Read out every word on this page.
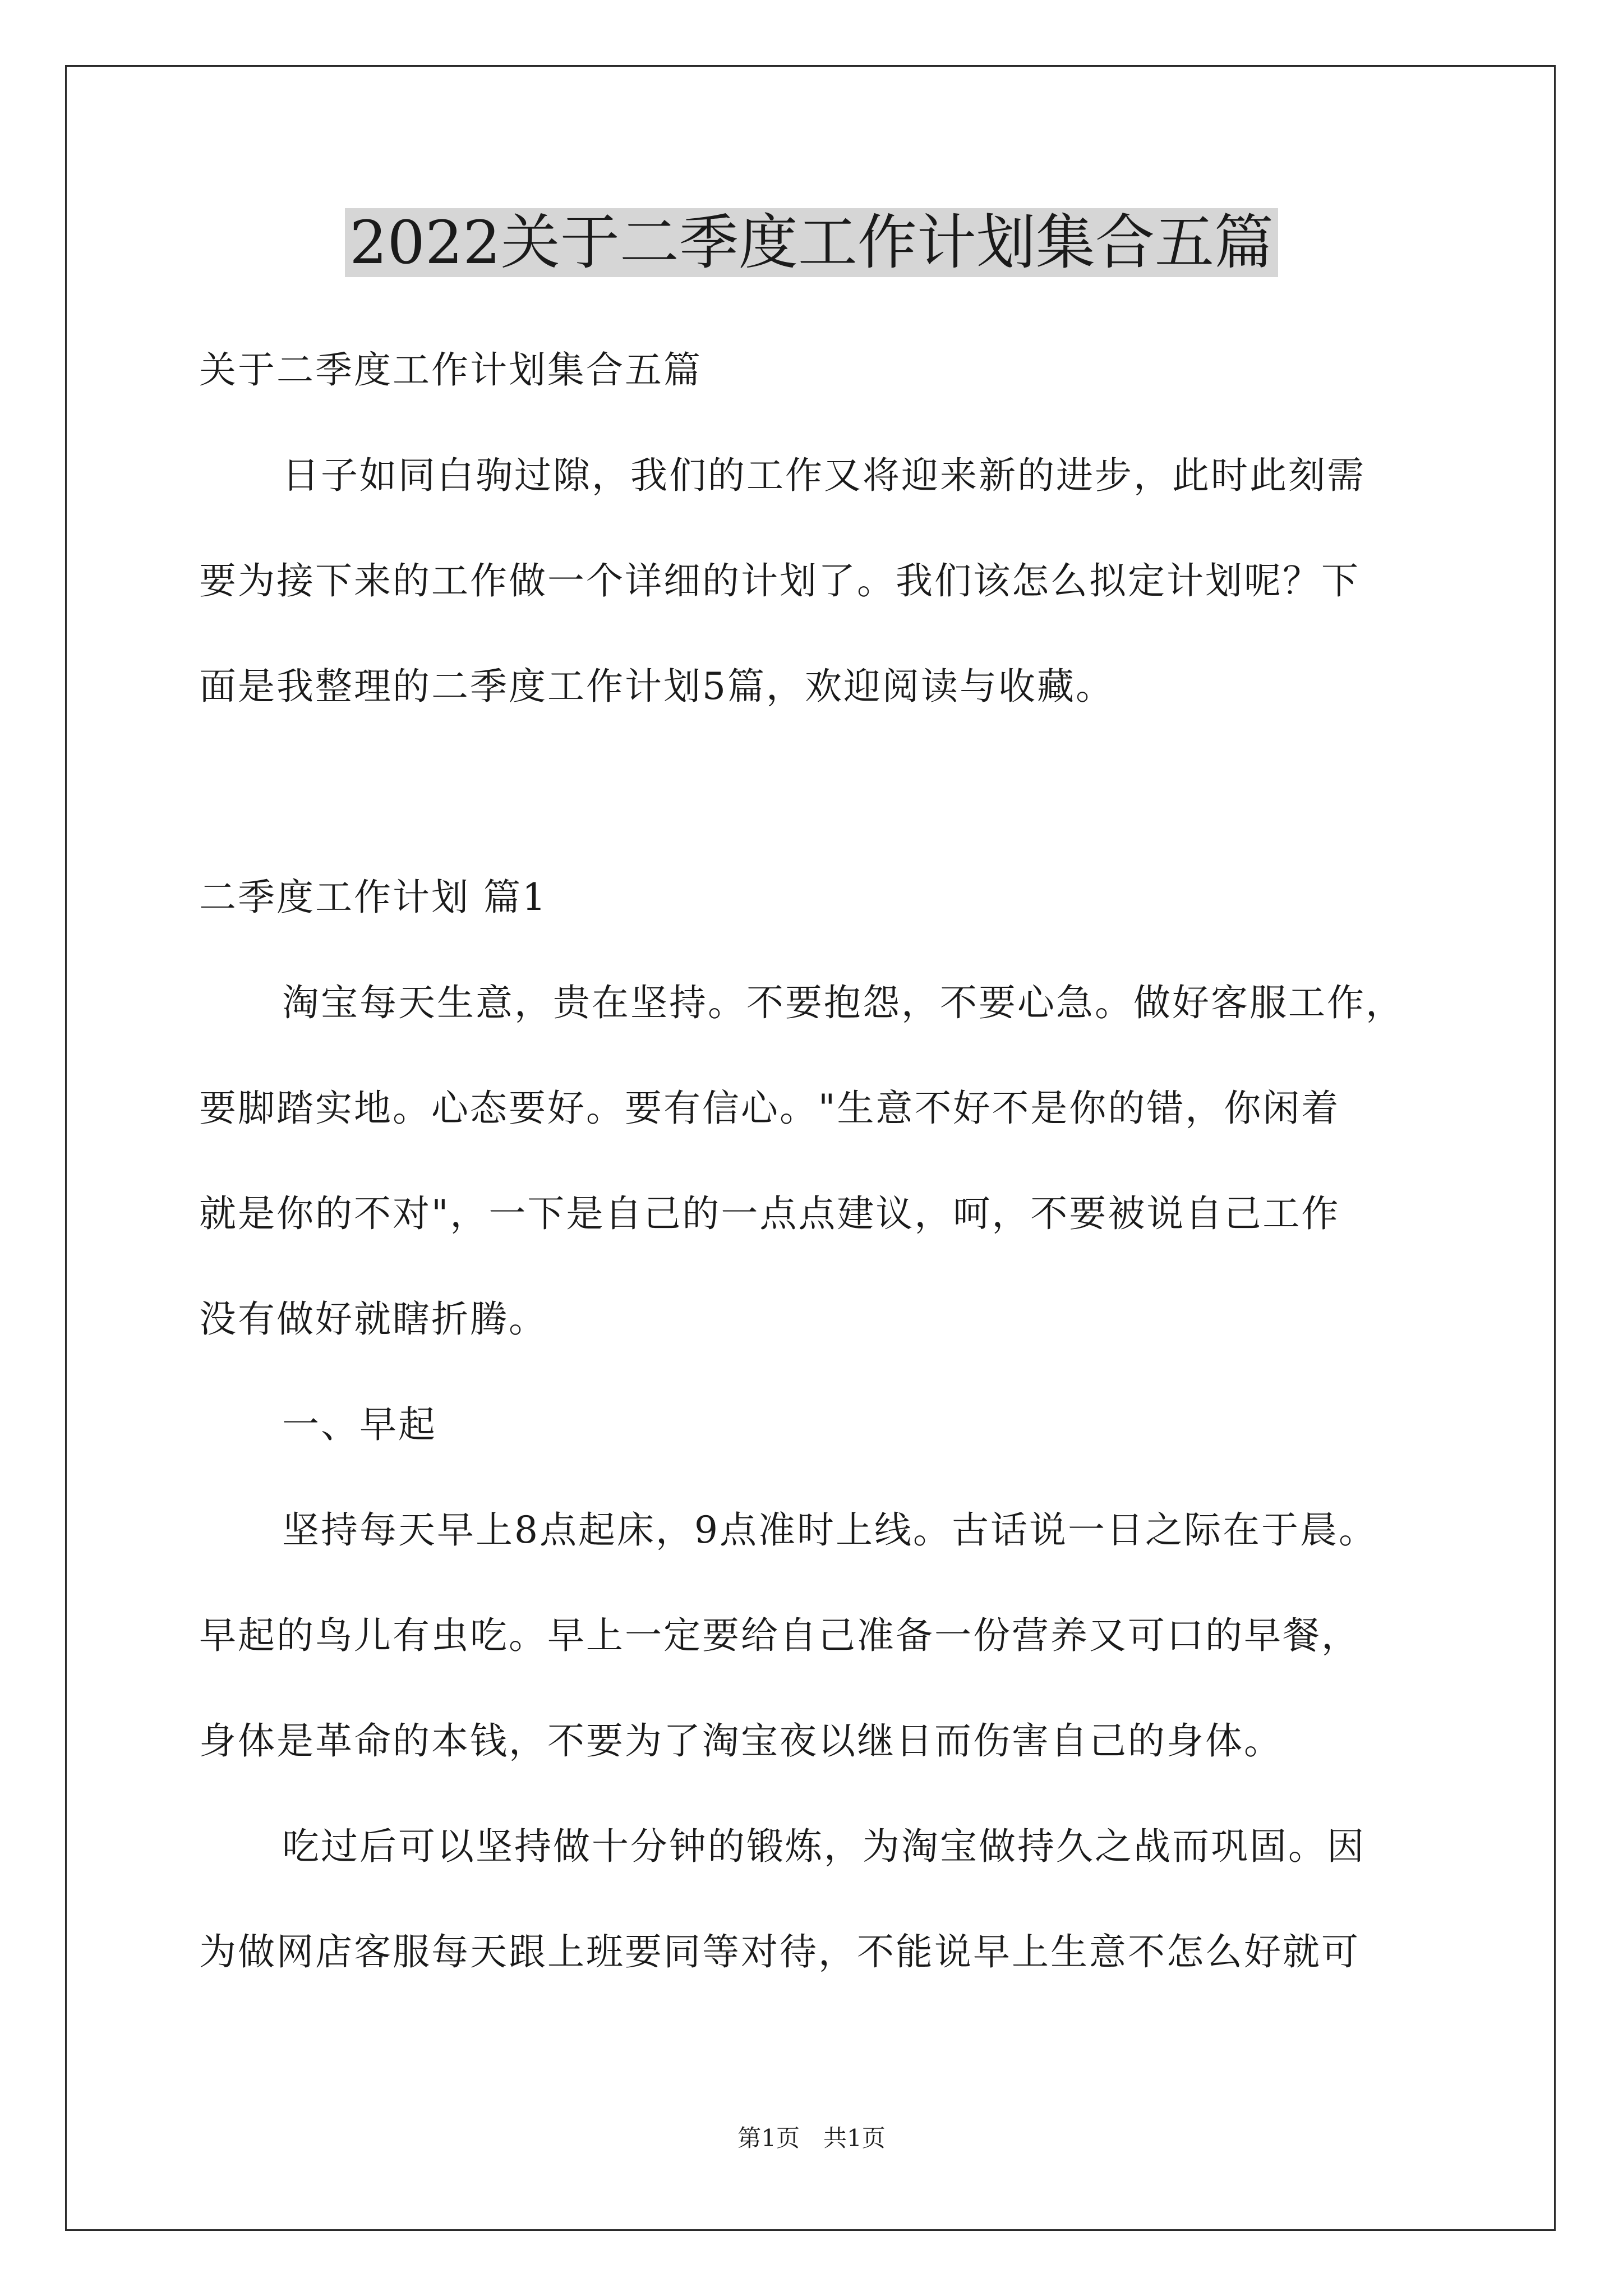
2022关于二季度工作计划集合五篇
关于二季度工作计划集合五篇
日子如同白驹过隙，我们的工作又将迎来新的进步，此时此刻需
要为接下来的工作做一个详细的计划了。我们该怎么拟定计划呢？下
面是我整理的二季度工作计划5篇，欢迎阅读与收藏。
二季度工作计划 篇1
淘宝每天生意，贵在坚持。不要抱怨，不要心急。做好客服工作，
要脚踏实地。心态要好。要有信心。"生意不好不是你的错，你闲着
就是你的不对"，一下是自己的一点点建议，呵，不要被说自己工作
没有做好就瞎折腾。
一、早起
坚持每天早上8点起床，9点准时上线。古话说一日之际在于晨。
早起的鸟儿有虫吃。早上一定要给自己准备一份营养又可口的早餐，
身体是革命的本钱，不要为了淘宝夜以继日而伤害自己的身体。
吃过后可以坚持做十分钟的锻炼，为淘宝做持久之战而巩固。因
为做网店客服每天跟上班要同等对待，不能说早上生意不怎么好就可
第1页　共1页
